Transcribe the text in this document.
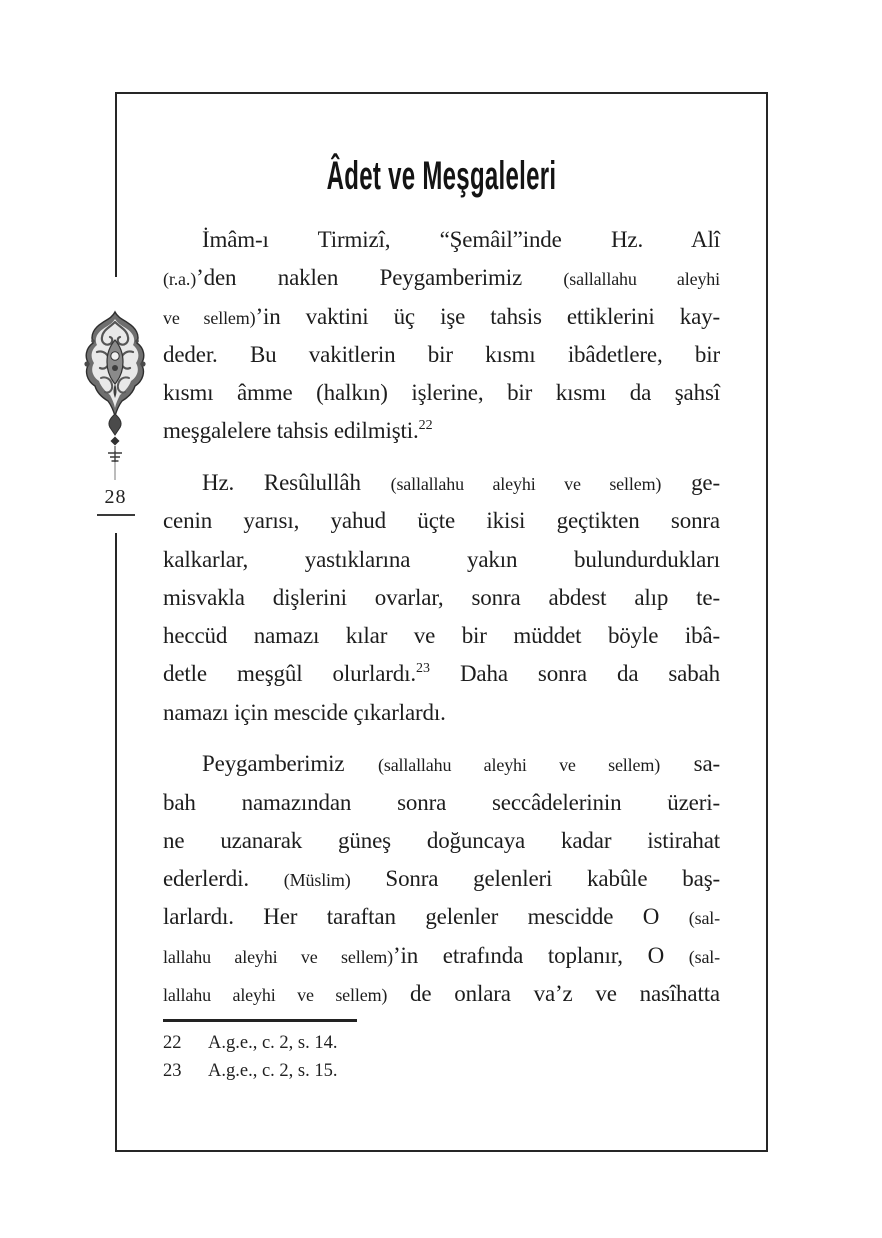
28
Âdet ve Meşgaleleri
İmâm-ı Tirmizî, “Şemâil”inde Hz. Alî
(r.a.)’den naklen Peygamberimiz (sallallahu aleyhi
ve sellem)’in vaktini üç işe tahsis ettiklerini kay-
deder. Bu vakitlerin bir kısmı ibâdetlere, bir
kısmı âmme (halkın) işlerine, bir kısmı da şahsî
meşgalelere tahsis edilmişti.$^{22}$
Hz. Resûlullâh (sallallahu aleyhi ve sellem) ge-
cenin yarısı, yahud üçte ikisi geçtikten sonra
kalkarlar, yastıklarına yakın bulundurdukları
misvakla dişlerini ovarlar, sonra abdest alıp te-
heccüd namazı kılar ve bir müddet böyle ibâ-
detle meşgûl olurlardı.$^{23}$ Daha sonra da sabah
namazı için mescide çıkarlardı.
Peygamberimiz (sallallahu aleyhi ve sellem) sa-
bah namazından sonra seccâdelerinin üzeri-
ne uzanarak güneş doğuncaya kadar istirahat
ederlerdi. (Müslim) Sonra gelenleri kabûle baş-
larlardı. Her taraftan gelenler mescidde O (sal-
lallahu aleyhi ve sellem)’in etrafında toplanır, O (sal-
lallahu aleyhi ve sellem) de onlara va’z ve nasîhatta
22	A.g.e., c. 2, s. 14.
23	A.g.e., c. 2, s. 15.
